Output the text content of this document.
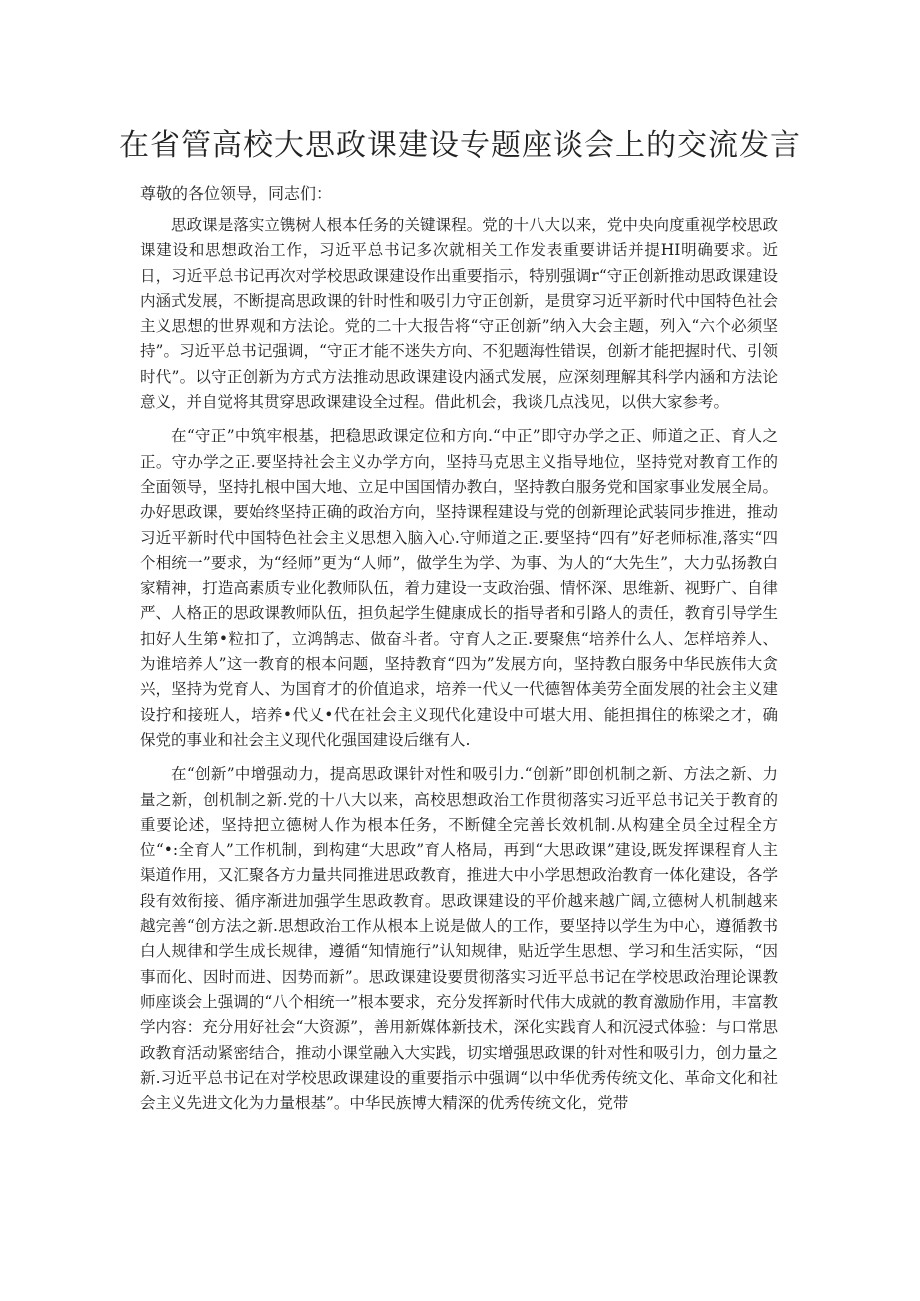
在省管高校大思政课建设专题座谈会上的交流发言

尊敬的各位领导，同志们：

思政课是落实立镌树人根本任务的关键课程。党的十八大以来，党中央向度重视学校思政课建设和思想政治工作，习近平总书记多次就相关工作发表重要讲话并提HI明确要求。近日，习近平总书记再次对学校思政课建设作出重要指示，特别强调r“守正创新推动思政课建设内涵式发展，不断提高思政课的针时性和吸引力守正创新，是贯穿习近平新时代中国特色社会主义思想的世界观和方法论。党的二十大报告将“守正创新”纳入大会主题，列入“六个必须坚持”。习近平总书记强调，“守正才能不迷失方向、不犯题海性错误，创新才能把握时代、引领时代”。以守正创新为方式方法推动思政课建设内涵式发展，应深刻理解其科学内涵和方法论意义，并自觉将其贯穿思政课建设全过程。借此机会，我谈几点浅见，以供大家参考。

在“守正”中筑牢根基，把稳思政课定位和方向.“中正”即守办学之正、师道之正、育人之正。守办学之正.要坚持社会主义办学方向，坚持马克思主义指导地位，坚持党对教育工作的全面领导，坚持扎根中国大地、立足中国国情办教白，坚持教白服务党和国家事业发展全局。办好思政课，要始终坚持正确的政治方向，坚持课程建设与党的创新理论武装同步推进，推动习近平新时代中国特色社会主义思想入脑入心.守师道之正.要坚持“四有”好老师标准,落实“四个相统一”要求，为“经师”更为“人师”，做学生为学、为事、为人的“大先生”，大力弘扬教白家精神，打造高素质专业化教师队伍，着力建设一支政治强、情怀深、思维新、视野广、自律严、人格正的思政课教师队伍，担负起学生健康成长的指导者和引路人的责任，教育引导学生扣好人生第•粒扣了，立鸿鹄志、做奋斗者。守育人之正.要聚焦“培养什么人、怎样培养人、为谁培养人”这一教育的根本问题，坚持教育“四为”发展方向，坚持教白服务中华民族伟大贪兴，坚持为党育人、为国育才的价值追求，培养一代乂一代德智体美劳全面发展的社会主义建设拧和接班人，培养•代乂•代在社会主义现代化建设中可堪大用、能担揖住的栋梁之才，确保党的事业和社会主义现代化强国建设后继有人.

在“创新”中增强动力，提高思政课针对性和吸引力.“创新”即创机制之新、方法之新、力量之新，创机制之新.党的十八大以来，高校思想政治工作贯彻落实习近平总书记关于教育的重要论述，坚持把立德树人作为根本任务，不断健全完善长效机制.从构建全员全过程全方位“•:全育人”工作机制，到构建“大思政”育人格局，再到“大思政课”建设,既发挥课程育人主渠道作用，又汇聚各方力量共同推进思政教育，推进大中小学思想政治教育一体化建设，各学段有效衔接、循序渐进加强学生思政教育。思政课建设的平价越来越广阔,立德树人机制越来越完善“创方法之新.思想政治工作从根本上说是做人的工作，要坚持以学生为中心，遵循教书白人规律和学生成长规律，遵循“知情施行”认知规律，贴近学生思想、学习和生活实际，“因事而化、因时而进、因势而新”。思政课建设要贯彻落实习近平总书记在学校思政治理论课教师座谈会上强调的“八个相统一”根本要求，充分发挥新时代伟大成就的教育激励作用，丰富教学内容：充分用好社会“大资源”，善用新媒体新技术，深化实践育人和沉浸式体验：与口常思政教育活动紧密结合，推动小课堂融入大实践，切实增强思政课的针对性和吸引力，创力量之新.习近平总书记在对学校思政课建设的重要指示中强调“以中华优秀传统文化、革命文化和社会主义先进文化为力量根基”。中华民族博大精深的优秀传统文化，党带
